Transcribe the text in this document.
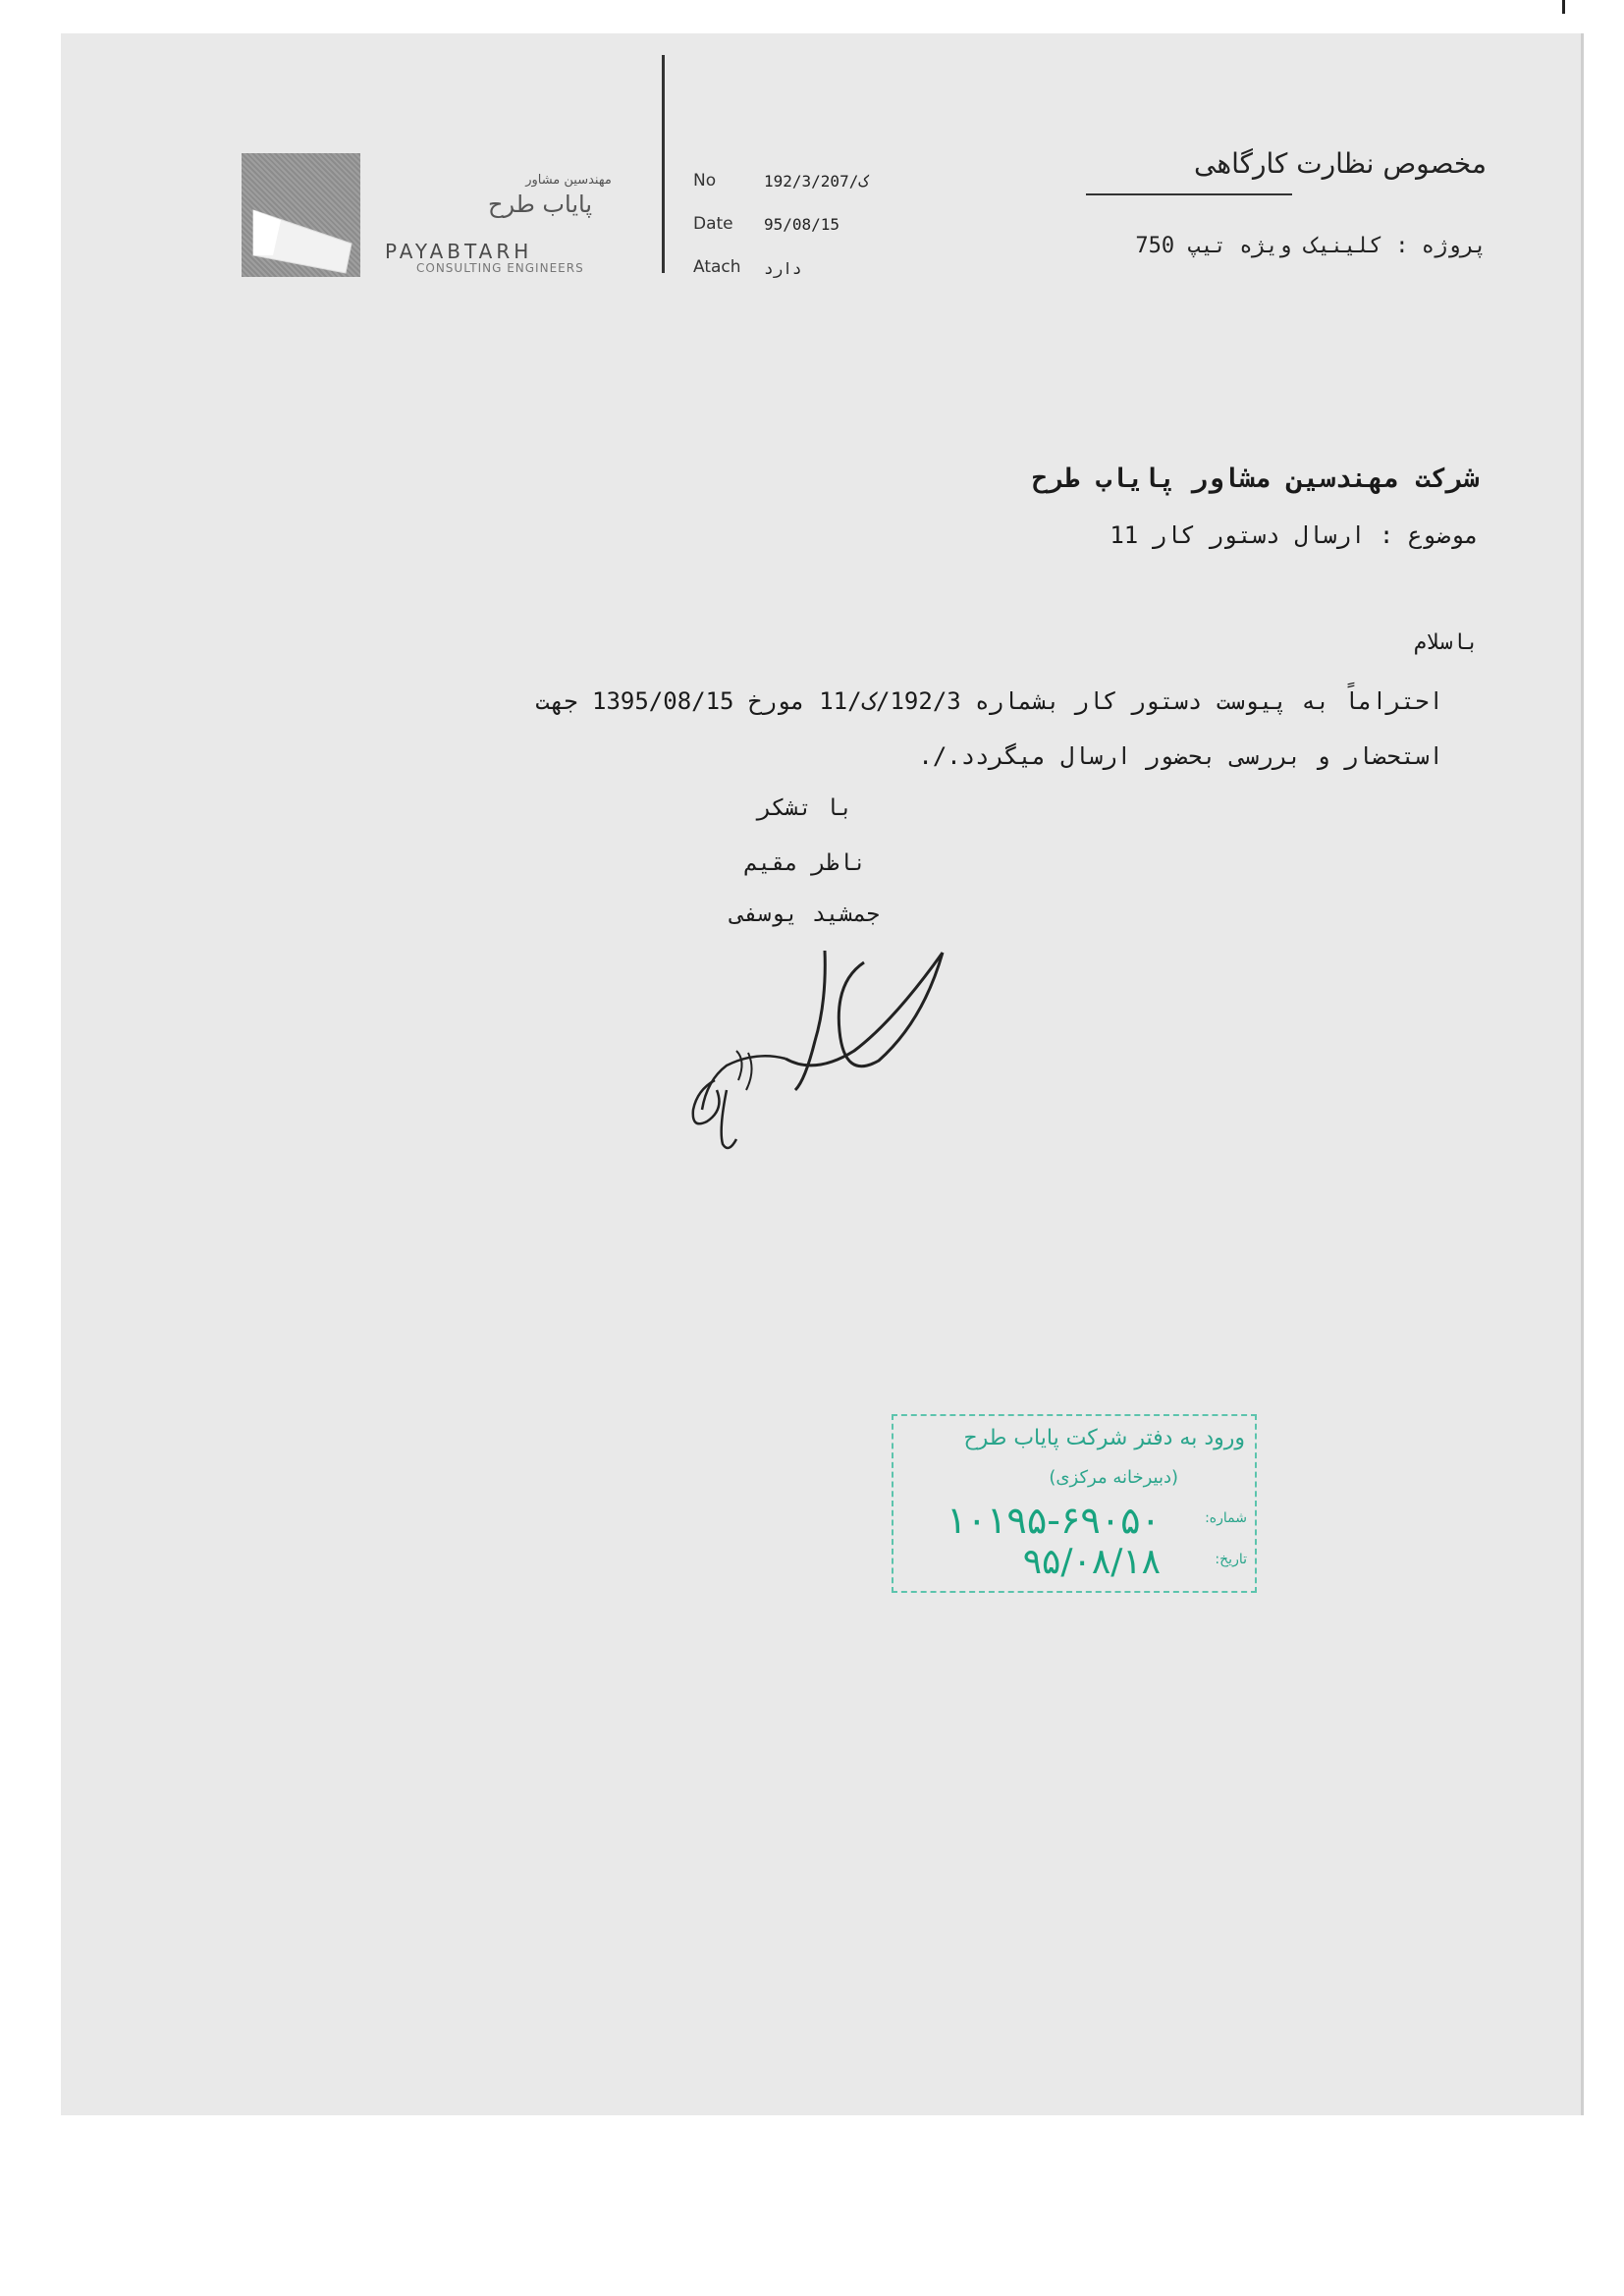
مهندسین مشاور
پایاب طرح
PAYABTARH
CONSULTING ENGINEERS
No	192/3/ک/207
Date 95/08/15
Atach دارد
مخصوص نظارت کارگاهی
پروژه : کلینیک ویژه تیپ 750
شرکت مهندسین مشاور پایاب طرح
موضوع : ارسال دستور کار 11
باسلام
احتراماً به پیوست دستور کار بشماره 192/3/ک/11 مورخ 1395/08/15 جهت
استحضار و بررسی بحضور ارسال میگردد./.
با تشکر
ناظر مقیم
جمشید یوسفی
ورود به دفتر شرکت پایاب طرح
(دبیرخانه مرکزی)
شماره:
۱۰۱۹۵-۶۹۰۵۰
تاریخ:
۹۵/۰۸/۱۸
